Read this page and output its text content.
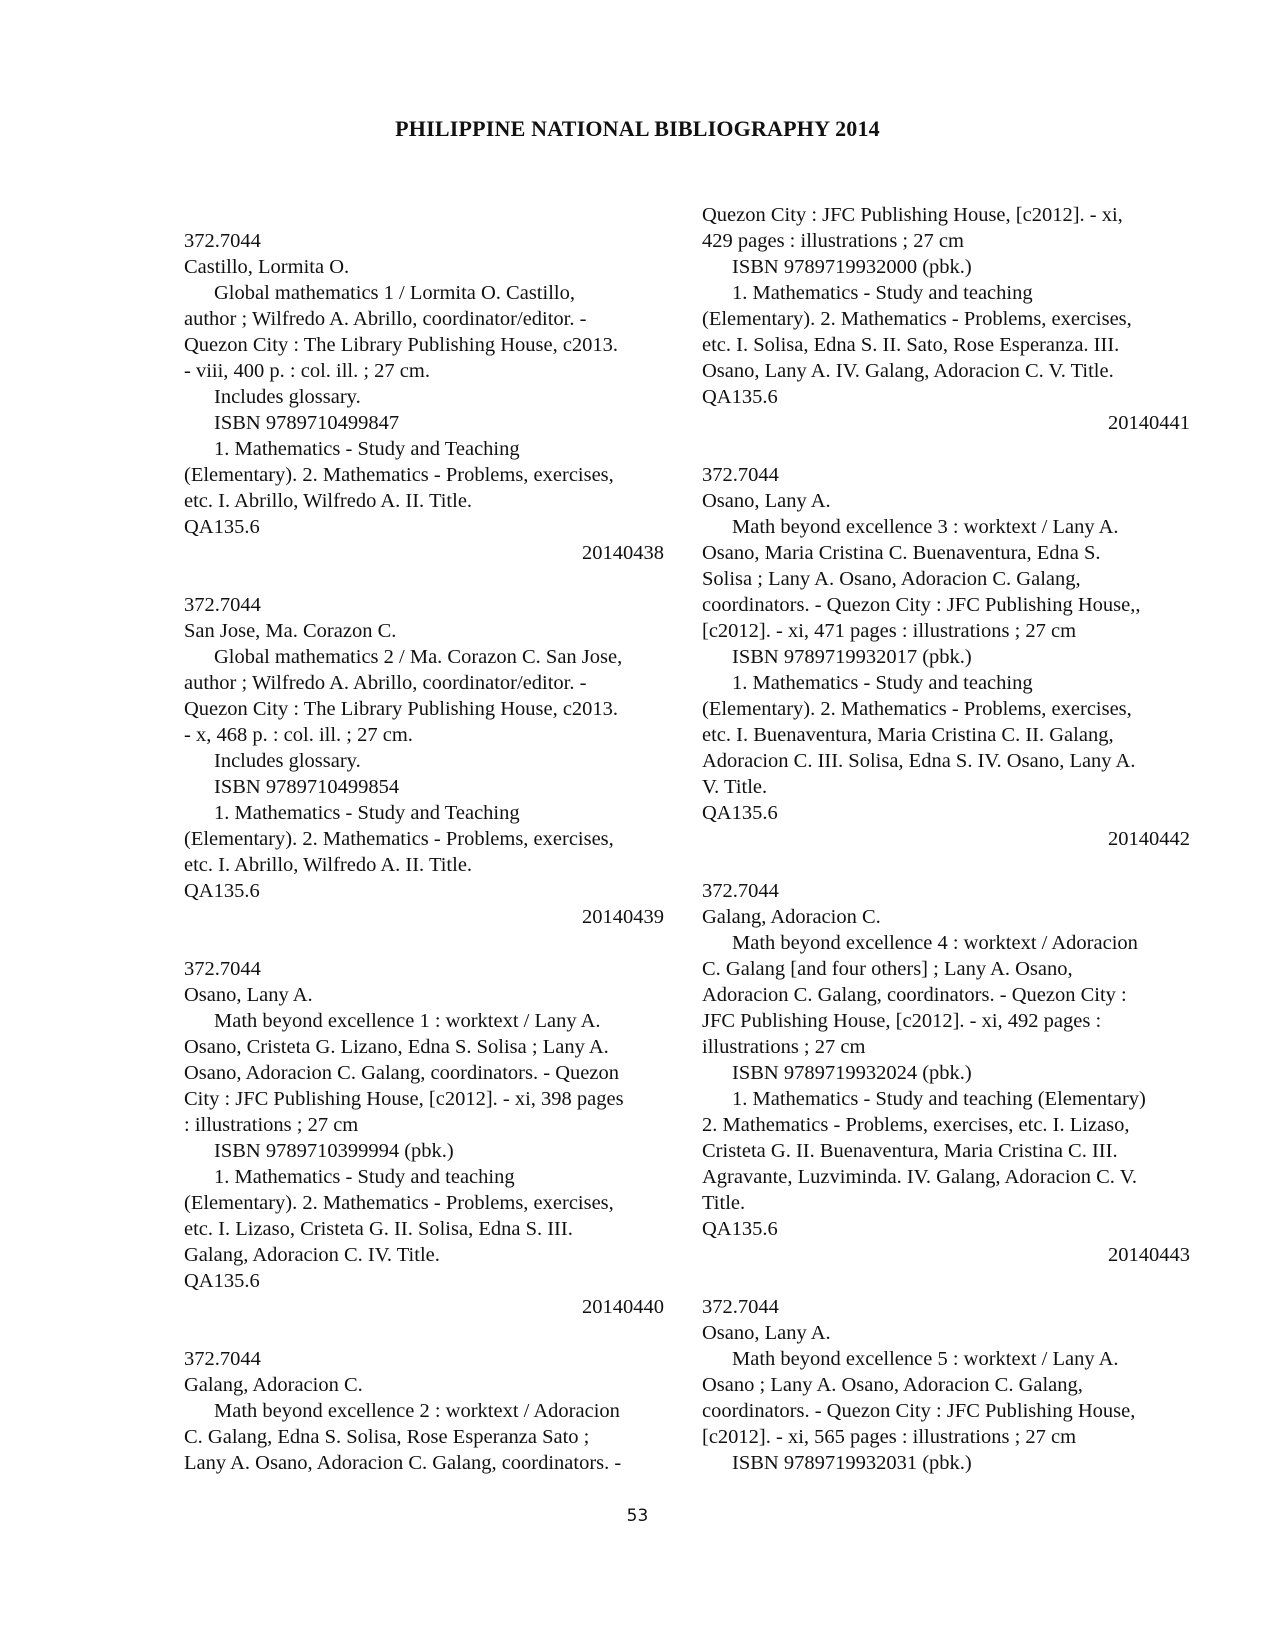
PHILIPPINE NATIONAL BIBLIOGRAPHY 2014
372.7044
Castillo, Lormita O.
Global mathematics 1 / Lormita O. Castillo,
author ; Wilfredo A. Abrillo, coordinator/editor. -
Quezon City : The Library Publishing House, c2013.
- viii, 400 p. : col. ill. ; 27 cm.
Includes glossary.
ISBN 9789710499847
1. Mathematics - Study and Teaching
(Elementary). 2. Mathematics - Problems, exercises,
etc. I. Abrillo, Wilfredo A. II. Title.
QA135.6
20140438
372.7044
San Jose, Ma. Corazon C.
Global mathematics 2 / Ma. Corazon C. San Jose,
author ; Wilfredo A. Abrillo, coordinator/editor. -
Quezon City : The Library Publishing House, c2013.
- x, 468 p. : col. ill. ; 27 cm.
Includes glossary.
ISBN 9789710499854
1. Mathematics - Study and Teaching
(Elementary). 2. Mathematics - Problems, exercises,
etc. I. Abrillo, Wilfredo A. II. Title.
QA135.6
20140439
372.7044
Osano, Lany A.
Math beyond excellence 1 : worktext / Lany A.
Osano, Cristeta G. Lizano, Edna S. Solisa ; Lany A.
Osano, Adoracion C. Galang, coordinators. - Quezon
City : JFC Publishing House, [c2012]. - xi, 398 pages
: illustrations ; 27 cm
ISBN 9789710399994 (pbk.)
1. Mathematics - Study and teaching
(Elementary). 2. Mathematics - Problems, exercises,
etc. I. Lizaso, Cristeta G. II. Solisa, Edna S. III.
Galang, Adoracion C. IV. Title.
QA135.6
20140440
372.7044
Galang, Adoracion C.
Math beyond excellence 2 : worktext / Adoracion
C. Galang, Edna S. Solisa, Rose Esperanza Sato ;
Lany A. Osano, Adoracion C. Galang, coordinators. -
Quezon City : JFC Publishing House, [c2012]. - xi,
429 pages : illustrations ; 27 cm
ISBN 9789719932000 (pbk.)
1. Mathematics - Study and teaching
(Elementary). 2. Mathematics - Problems, exercises,
etc. I. Solisa, Edna S. II. Sato, Rose Esperanza. III.
Osano, Lany A. IV. Galang, Adoracion C. V. Title.
QA135.6
20140441
372.7044
Osano, Lany A.
Math beyond excellence 3 : worktext / Lany A.
Osano, Maria Cristina C. Buenaventura, Edna S.
Solisa ; Lany A. Osano, Adoracion C. Galang,
coordinators. - Quezon City : JFC Publishing House,,
[c2012]. - xi, 471 pages : illustrations ; 27 cm
ISBN 9789719932017 (pbk.)
1. Mathematics - Study and teaching
(Elementary). 2. Mathematics - Problems, exercises,
etc. I. Buenaventura, Maria Cristina C. II. Galang,
Adoracion C. III. Solisa, Edna S. IV. Osano, Lany A.
V. Title.
QA135.6
20140442
372.7044
Galang, Adoracion C.
Math beyond excellence 4 : worktext / Adoracion
C. Galang [and four others] ; Lany A. Osano,
Adoracion C. Galang, coordinators. - Quezon City :
JFC Publishing House, [c2012]. - xi, 492 pages :
illustrations ; 27 cm
ISBN 9789719932024 (pbk.)
1. Mathematics - Study and teaching (Elementary)
2. Mathematics - Problems, exercises, etc. I. Lizaso,
Cristeta G. II. Buenaventura, Maria Cristina C. III.
Agravante, Luzviminda. IV. Galang, Adoracion C. V.
Title.
QA135.6
20140443
372.7044
Osano, Lany A.
Math beyond excellence 5 : worktext / Lany A.
Osano ; Lany A. Osano, Adoracion C. Galang,
coordinators. - Quezon City : JFC Publishing House,
[c2012]. - xi, 565 pages : illustrations ; 27 cm
ISBN 9789719932031 (pbk.)
53
